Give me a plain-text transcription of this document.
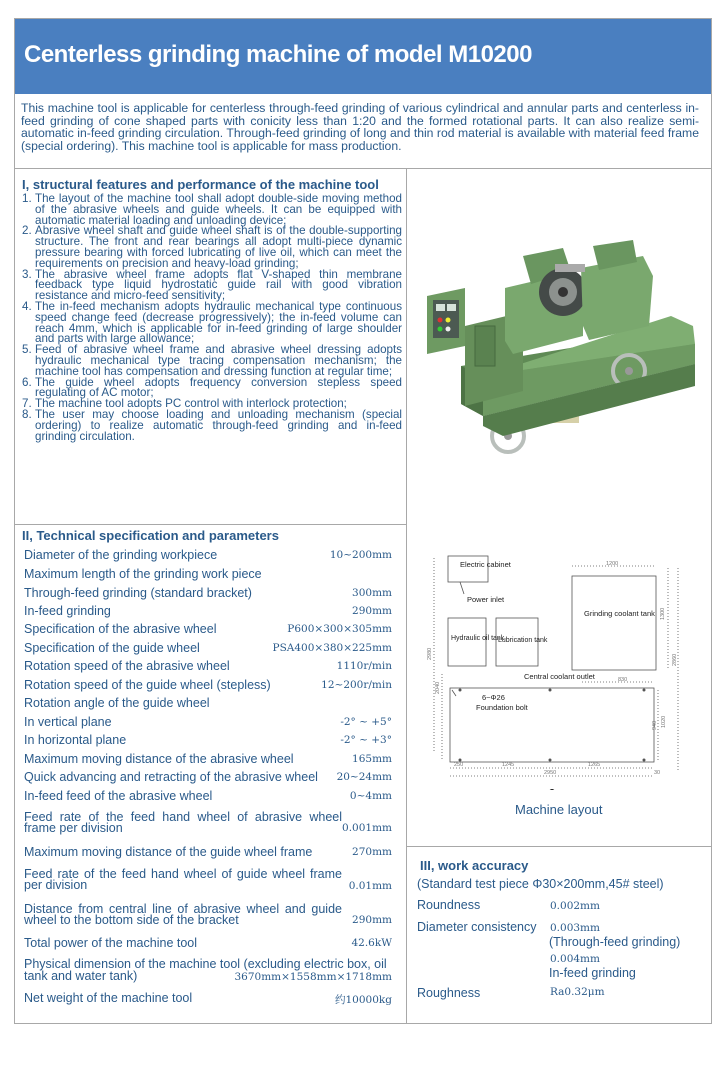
Centerless grinding machine of model M10200
This machine tool is applicable for centerless through-feed grinding of various cylindrical and annular parts and centerless in-feed grinding of cone shaped parts with conicity less than 1:20 and the formed rotational parts. It can also realize semi-automatic in-feed grinding circulation. Through-feed grinding of long and thin rod material is available with material feed frame (special ordering). This machine tool is applicable for mass production.
I, structural features and performance of the machine tool
1. The layout of the machine tool shall adopt double-side moving method of the abrasive wheels and guide wheels. It can be equipped with automatic material loading and unloading device;
2. Abrasive wheel shaft and guide wheel shaft is of the double-supporting structure. The front and rear bearings all adopt multi-piece dynamic pressure bearing with forced lubricating of live oil, which can meet the requirements on precision and heavy-load grinding;
3. The abrasive wheel frame adopts flat V-shaped thin membrane feedback type liquid hydrostatic guide rail with good vibration resistance and micro-feed sensitivity;
4. The in-feed mechanism adopts hydraulic mechanical type continuous speed change feed (decrease progressively); the in-feed volume can reach 4mm, which is applicable for in-feed grinding of large shoulder and parts with large allowance;
5. Feed of abrasive wheel frame and abrasive wheel dressing adopts hydraulic mechanical type tracing compensation mechanism; the machine tool has compensation and dressing function at regular time;
6. The guide wheel adopts frequency conversion stepless speed regulating of AC motor;
7. The machine tool adopts PC control with interlock protection;
8. The user may choose loading and unloading mechanism (special ordering) to realize automatic through-feed grinding and in-feed grinding circulation.
II, Technical specification and parameters
Diameter of the grinding workpiece	10~200mm
Maximum length of the grinding work piece
Through-feed grinding (standard bracket)	300mm
In-feed grinding	290mm
Specification of the abrasive wheel	P600×300×305mm
Specification of the guide wheel	PSA400×380×225mm
Rotation speed of the abrasive wheel	1110r/min
Rotation speed of the guide wheel (stepless)	12~200r/min
Rotation angle of the guide wheel
In vertical plane	-2° ~ +5°
In horizontal plane	-2° ~ +3°
Maximum moving distance of the abrasive wheel	165mm
Quick advancing and retracting of the abrasive wheel 20~24mm
In-feed feed of the abrasive wheel	0~4mm
Feed rate of the feed hand wheel of abrasive wheel frame per division	0.001mm
Maximum moving distance of the guide wheel frame	270mm
Feed rate of the feed hand wheel of guide wheel frame per division	0.01mm
Distance from central line of abrasive wheel and guide wheel to the bottom side of the bracket	290mm
Total power of the machine tool	42.6kW
Physical dimension of the machine tool (excluding electric box, oil tank and water tank)	3670mm×1558mm×1718mm
Net weight of the machine tool	约10000kg
Electric cabinet
Power inlet
Hydraulic oil tank
Lubrication tank
Grinding coolant tank
Central coolant outlet
6~Φ26
Foundation bolt
1200
1300
2980	2860
830
2040
940 1020
250	1245	1265
2950	30
Machine layout
III, work accuracy
(Standard test piece Φ30×200mm,45# steel)
Roundness	0.002mm
Diameter consistency 0.003mm
(Through-feed grinding)
0.004mm
In-feed grinding
Roughness	Ra0.32μm
